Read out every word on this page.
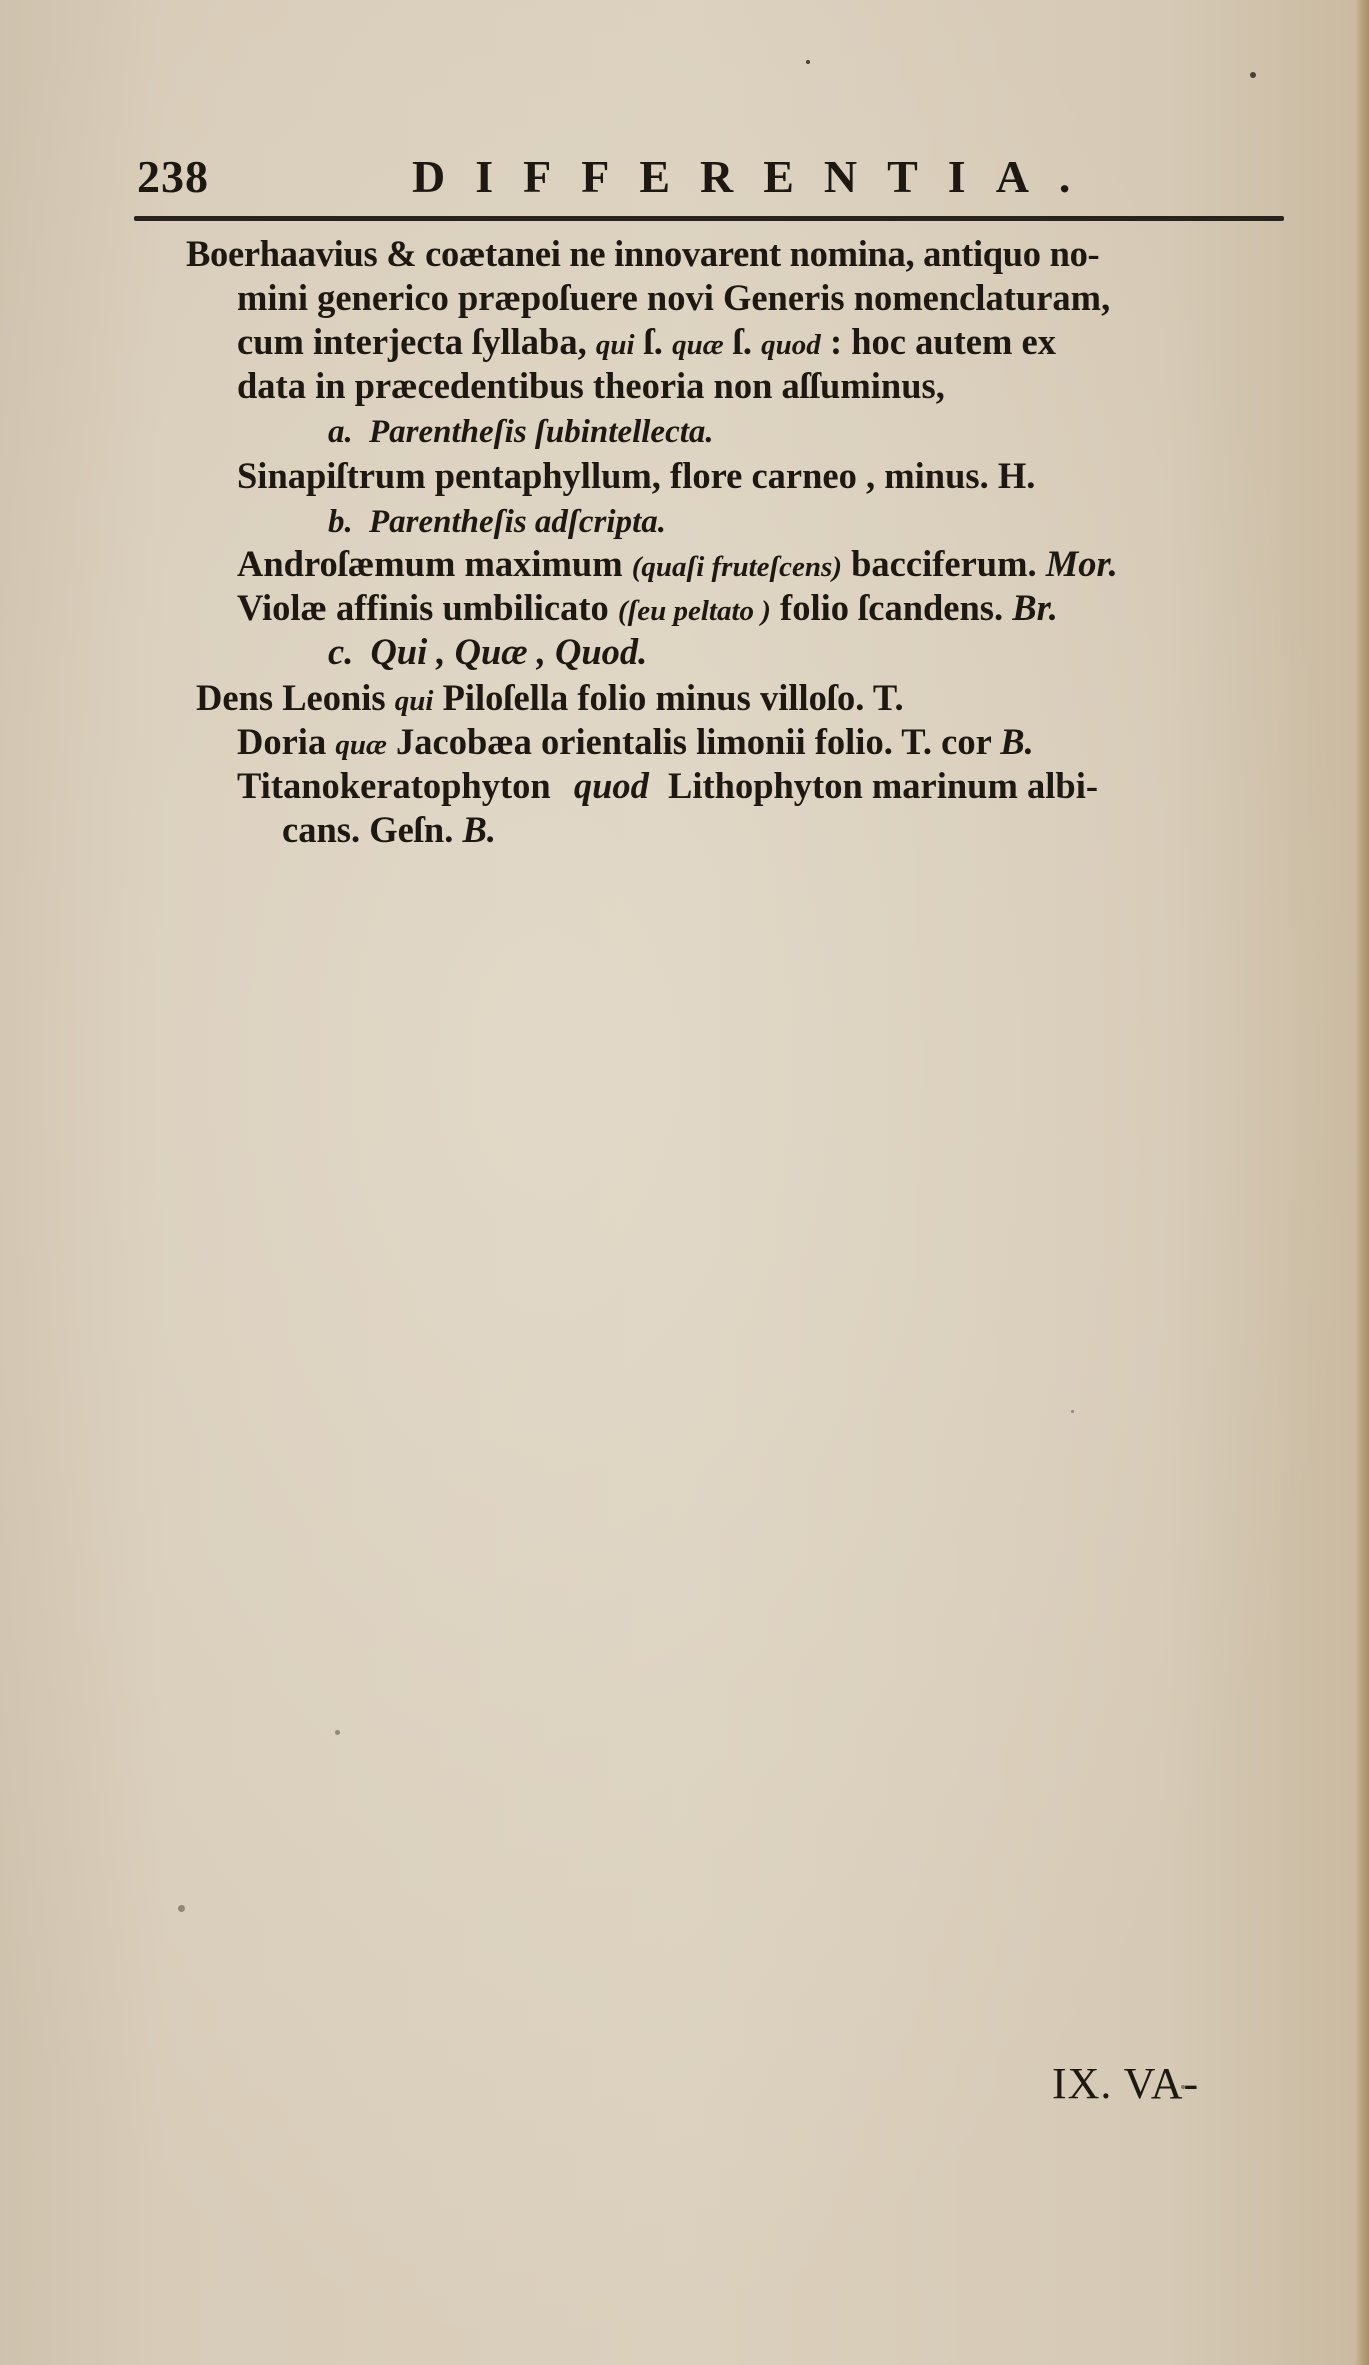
238	DIFFERENTIA.
Boerhaavius & coætanei ne innovarent nomina, antiquo no-
mini generico præpoſuere novi Generis nomenclaturam,
cum interjecta ſyllaba, qui ſ. quæ ſ. quod : hoc autem ex
data in præcedentibus theoria non aſſuminus,
a. Parentheſis ſubintellecta.
Sinapiſtrum pentaphyllum, flore carneo , minus. H.
b. Parentheſis adſcripta.
Androſæmum maximum (quaſi fruteſcens) bacciferum. Mor.
Violæ affinis umbilicato (ſeu peltato ) folio ſcandens. Br.
c. Qui , Quæ , Quod.
Dens Leonis qui Piloſella folio minus villoſo. T.
Doria quæ Jacobæa orientalis limonii folio. T. cor B.
Titanokeratophyton quod Lithophyton marinum albi-
cans. Geſn. B.
IX. VA-
